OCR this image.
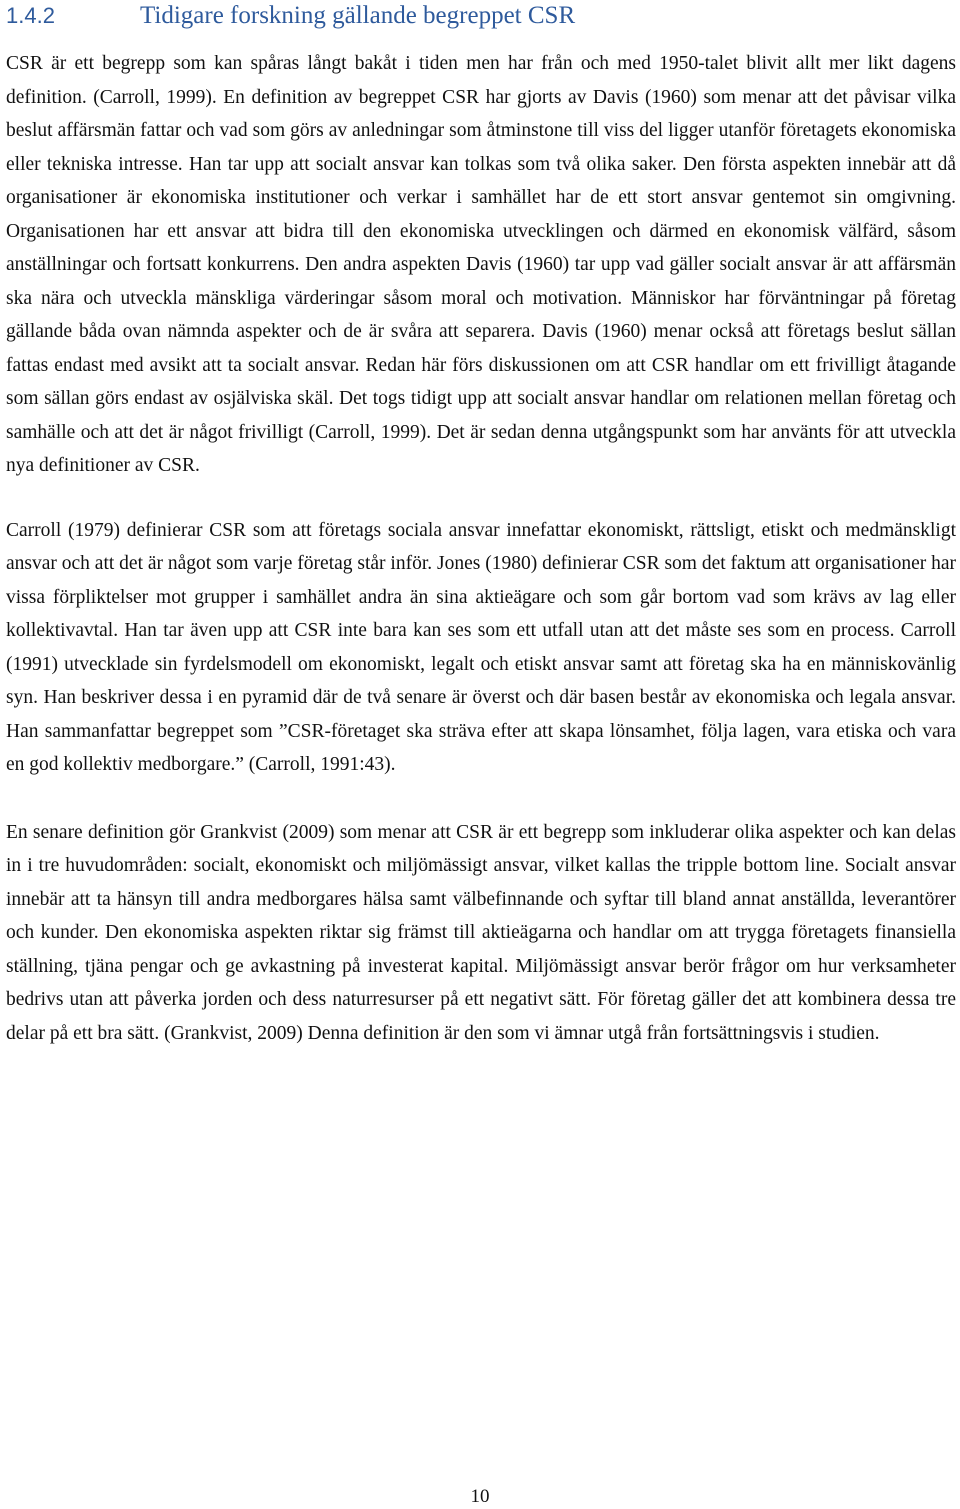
1.4.2	Tidigare forskning gällande begreppet CSR

CSR är ett begrepp som kan spåras långt bakåt i tiden men har från och med 1950-talet blivit allt mer likt dagens definition. (Carroll, 1999). En definition av begreppet CSR har gjorts av Davis (1960) som menar att det påvisar vilka beslut affärsmän fattar och vad som görs av anledningar som åtminstone till viss del ligger utanför företagets ekonomiska eller tekniska intresse. Han tar upp att socialt ansvar kan tolkas som två olika saker. Den första aspekten innebär att då organisationer är ekonomiska institutioner och verkar i samhället har de ett stort ansvar gentemot sin omgivning. Organisationen har ett ansvar att bidra till den ekonomiska utvecklingen och därmed en ekonomisk välfärd, såsom anställningar och fortsatt konkurrens. Den andra aspekten Davis (1960) tar upp vad gäller socialt ansvar är att affärsmän ska nära och utveckla mänskliga värderingar såsom moral och motivation. Människor har förväntningar på företag gällande båda ovan nämnda aspekter och de är svåra att separera. Davis (1960) menar också att företags beslut sällan fattas endast med avsikt att ta socialt ansvar. Redan här förs diskussionen om att CSR handlar om ett frivilligt åtagande som sällan görs endast av osjälviska skäl. Det togs tidigt upp att socialt ansvar handlar om relationen mellan företag och samhälle och att det är något frivilligt (Carroll, 1999). Det är sedan denna utgångspunkt som har använts för att utveckla nya definitioner av CSR.

Carroll (1979) definierar CSR som att företags sociala ansvar innefattar ekonomiskt, rättsligt, etiskt och medmänskligt ansvar och att det är något som varje företag står inför. Jones (1980) definierar CSR som det faktum att organisationer har vissa förpliktelser mot grupper i samhället andra än sina aktieägare och som går bortom vad som krävs av lag eller kollektivavtal. Han tar även upp att CSR inte bara kan ses som ett utfall utan att det måste ses som en process. Carroll (1991) utvecklade sin fyrdelsmodell om ekonomiskt, legalt och etiskt ansvar samt att företag ska ha en människovänlig syn. Han beskriver dessa i en pyramid där de två senare är överst och där basen består av ekonomiska och legala ansvar. Han sammanfattar begreppet som ”CSR-företaget ska sträva efter att skapa lönsamhet, följa lagen, vara etiska och vara en god kollektiv medborgare.” (Carroll, 1991:43).

En senare definition gör Grankvist (2009) som menar att CSR är ett begrepp som inkluderar olika aspekter och kan delas in i tre huvudområden: socialt, ekonomiskt och miljömässigt ansvar, vilket kallas the tripple bottom line. Socialt ansvar innebär att ta hänsyn till andra medborgares hälsa samt välbefinnande och syftar till bland annat anställda, leverantörer och kunder. Den ekonomiska aspekten riktar sig främst till aktieägarna och handlar om att trygga företagets finansiella ställning, tjäna pengar och ge avkastning på investerat kapital. Miljömässigt ansvar berör frågor om hur verksamheter bedrivs utan att påverka jorden och dess naturresurser på ett negativt sätt. För företag gäller det att kombinera dessa tre delar på ett bra sätt. (Grankvist, 2009) Denna definition är den som vi ämnar utgå från fortsättningsvis i studien.

10
